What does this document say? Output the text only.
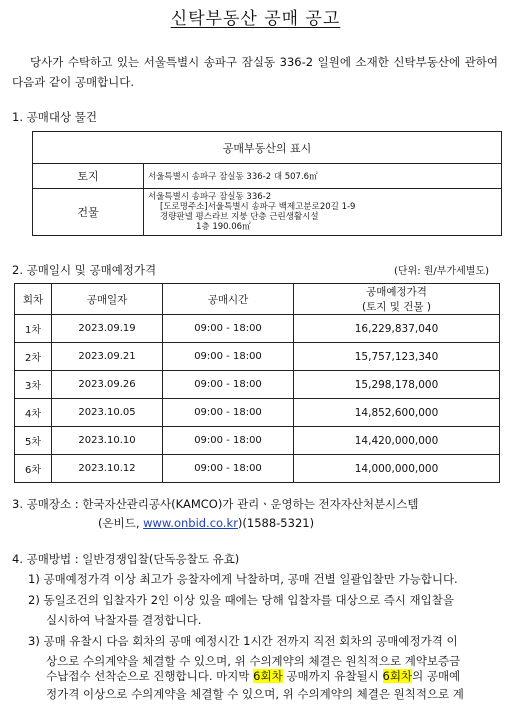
신탁부동산 공매 공고
당사가 수탁하고 있는 서울특별시 송파구 잠실동 336-2 일원에 소재한 신탁부동산에 관하여 다음과 같이 공매합니다.
1. 공매대상 물건
공매부동산의 표시	
토지	서울특별시 송파구 잠실동 336-2 대 507.6㎡
건물	서울특별시 송파구 잠실동 336-2
[도로명주소]서울특별시 송파구 백제고분로20길 1-9
경량판넬 평스라브 지붕 단층 근린생활시설
1층 190.06㎡
2. 공매일시 및 공매예정가격	(단위: 원/부가세별도)
회차	공매일자	공매시간	공매예정가격
(토지 및 건물 )

1차	2023.09.19	09:00 - 18:00	16,229,837,040
2차	2023.09.21	09:00 - 18:00	15,757,123,340
3차	2023.09.26	09:00 - 18:00	15,298,178,000
4차	2023.10.05	09:00 - 18:00	14,852,600,000
5차	2023.10.10	09:00 - 18:00	14,420,000,000
6차	2023.10.12	09:00 - 18:00	14,000,000,000
3. 공매장소 : 한국자산관리공사(KAMCO)가 관리ㆍ운영하는 전자자산처분시스템
(온비드, www.onbid.co.kr)(1588-5321)
4. 공매방법 : 일반경쟁입찰(단독응찰도 유효)
1) 공매예정가격 이상 최고가 응찰자에게 낙찰하며, 공매 건별 일괄입찰만 가능합니다.
2) 동일조건의 입찰자가 2인 이상 있을 때에는 당해 입찰자를 대상으로 즉시 재입찰을
실시하여 낙찰자를 결정합니다.
3) 공매 유찰시 다음 회차의 공매 예정시간 1시간 전까지 직전 회차의 공매예정가격 이
상으로 수의계약을 체결할 수 있으며, 위 수의계약의 체결은 원칙적으로 계약보증금
수납접수 선착순으로 진행합니다. 마지막 6회차 공매까지 유찰될시 6회차의 공매예
정가격 이상으로 수의계약을 체결할 수 있으며, 위 수의계약의 체결은 원칙적으로 계
